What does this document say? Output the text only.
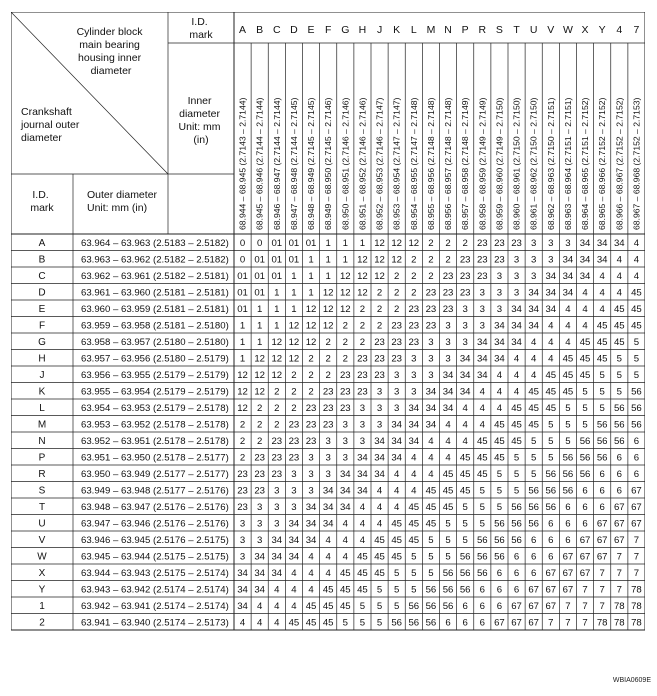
Cylinder block main bearing housing inner diameter
Crankshaft journal outer diameter
I.D. mark
Inner diameter Unit: mm (in)
I.D. mark
Outer diameter Unit: mm (in)
A B C D E F G H J K L M N P R S T U V W X Y 4 7
68.944 – 68.945 (2.7143 – 2.7144) 68.945 – 68.946 (2.7144 – 2.7144) 68.946 – 68.947 (2.7144 – 2.7144) 68.947 – 68.948 (2.7144 – 2.7145) 68.948 – 68.949 (2.7145 – 2.7145) 68.949 – 68.950 (2.7145 – 2.7146) 68.950 – 68.951 (2.7146 – 2.7146) 68.951 – 68.952 (2.7146 – 2.7146) 68.952 – 68.953 (2.7146 – 2.7147) 68.953 – 68.954 (2.7147 – 2.7147) 68.954 – 68.955 (2.7147 – 2.7148) 68.955 – 68.956 (2.7148 – 2.7148) 68.956 – 68.957 (2.7148 – 2.7148) 68.957 – 68.958 (2.7148 – 2.7149) 68.958 – 68.959 (2.7149 – 2.7149) 68.959 – 68.960 (2.7149 – 2.7150) 68.960 – 68.961 (2.7150 – 2.7150) 68.961 – 68.962 (2.7150 – 2.7150) 68.962 – 68.963 (2.7150 – 2.7151) 68.963 – 68.964 (2.7151 – 2.7151) 68.964 – 68.965 (2.7151 – 2.7152) 68.965 – 68.966 (2.7152 – 2.7152) 68.966 – 68.967 (2.7152 – 2.7152) 68.967 – 68.968 (2.7152 – 2.7153)
A
B
C
D
E
F
G
H
J
K
L
M
N
P
R
S
T
U
V
W
X
Y
1
2
63.964 – 63.963 (2.5183 – 2.5182)
63.963 – 63.962 (2.5182 – 2.5182)
63.962 – 63.961 (2.5182 – 2.5181)
63.961 – 63.960 (2.5181 – 2.5181)
63.960 – 63.959 (2.5181 – 2.5181)
63.959 – 63.958 (2.5181 – 2.5180)
63.958 – 63.957 (2.5180 – 2.5180)
63.957 – 63.956 (2.5180 – 2.5179)
63.956 – 63.955 (2.5179 – 2.5179)
63.955 – 63.954 (2.5179 – 2.5179)
63.954 – 63.953 (2.5179 – 2.5178)
63.953 – 63.952 (2.5178 – 2.5178)
63.952 – 63.951 (2.5178 – 2.5178)
63.951 – 63.950 (2.5178 – 2.5177)
63.950 – 63.949 (2.5177 – 2.5177)
63.949 – 63.948 (2.5177 – 2.5176)
63.948 – 63.947 (2.5176 – 2.5176)
63.947 – 63.946 (2.5176 – 2.5176)
63.946 – 63.945 (2.5176 – 2.5175)
63.945 – 63.944 (2.5175 – 2.5175)
63.944 – 63.943 (2.5175 – 2.5174)
63.943 – 63.942 (2.5174 – 2.5174)
63.942 – 63.941 (2.5174 – 2.5174)
63.941 – 63.940 (2.5174 – 2.5173)
0 0 01 01 01 1 1 1 12 12 12 2 2 2 23 23 23 3 3 3 34 34 34 4
0 01 01 01 1 1 1 12 12 12 2 2 2 23 23 23 3 3 3 34 34 34 4 4
01 01 01 1 1 1 12 12 12 2 2 2 23 23 23 3 3 3 34 34 34 4 4 4
01 01 1 1 1 12 12 12 2 2 2 23 23 23 3 3 3 34 34 34 4 4 4 45
01 1 1 1 12 12 12 2 2 2 23 23 23 3 3 3 34 34 34 4 4 4 45 45
1 1 1 12 12 12 2 2 2 23 23 23 3 3 3 34 34 34 4 4 4 45 45 45
1 1 12 12 12 2 2 2 23 23 23 3 3 3 34 34 34 4 4 4 45 45 45 5
1 12 12 12 2 2 2 23 23 23 3 3 3 34 34 34 4 4 4 45 45 45 5 5
12 12 12 2 2 2 23 23 23 3 3 3 34 34 34 4 4 4 45 45 45 5 5 5
12 12 2 2 2 23 23 23 3 3 3 34 34 34 4 4 4 45 45 45 5 5 5 56
12 2 2 2 23 23 23 3 3 3 34 34 34 4 4 4 45 45 45 5 5 5 56 56
2 2 2 23 23 23 3 3 3 34 34 34 4 4 4 45 45 45 5 5 5 56 56 56
2 2 23 23 23 3 3 3 34 34 34 4 4 4 45 45 45 5 5 5 56 56 56 6
2 23 23 23 3 3 3 34 34 34 4 4 4 45 45 45 5 5 5 56 56 56 6 6
23 23 23 3 3 3 34 34 34 4 4 4 45 45 45 5 5 5 56 56 56 6 6 6
23 23 3 3 3 34 34 34 4 4 4 45 45 45 5 5 5 56 56 56 6 6 6 67
23 3 3 3 34 34 34 4 4 4 45 45 45 5 5 5 56 56 56 6 6 6 67 67
3 3 3 34 34 34 4 4 4 45 45 45 5 5 5 56 56 56 6 6 6 67 67 67
3 3 34 34 34 4 4 4 45 45 45 5 5 5 56 56 56 6 6 6 67 67 67 7
3 34 34 34 4 4 4 45 45 45 5 5 5 56 56 56 6 6 6 67 67 67 7 7
34 34 34 4 4 4 45 45 45 5 5 5 56 56 56 6 6 6 67 67 67 7 7 7
34 34 4 4 4 45 45 45 5 5 5 56 56 56 6 6 6 67 67 67 7 7 7 78
34 4 4 4 45 45 45 5 5 5 56 56 56 6 6 6 67 67 67 7 7 7 78 78
4 4 4 45 45 45 5 5 5 56 56 56 6 6 6 67 67 67 7 7 7 78 78 78
WBIA0609E
